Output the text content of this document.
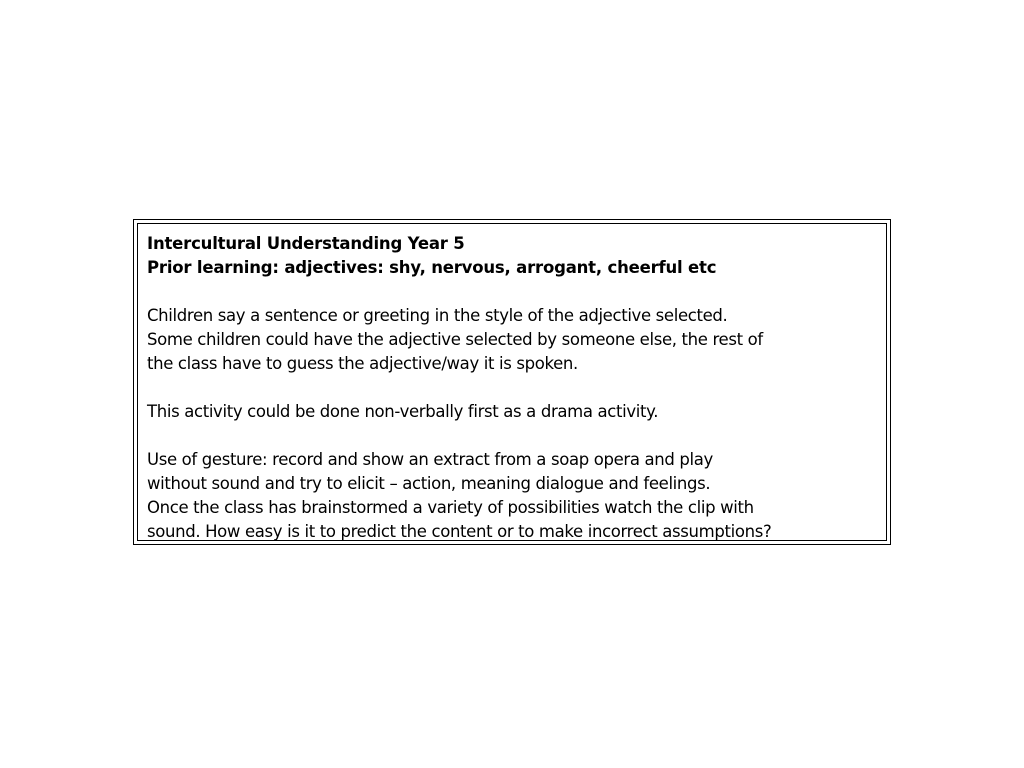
Intercultural Understanding Year 5
Prior learning: adjectives: shy, nervous, arrogant, cheerful etc
Children say a sentence or greeting in the style of the adjective selected.
Some children could have the adjective selected by someone else, the rest of
the class have to guess the adjective/way it is spoken.
This activity could be done non-verbally first as a drama activity.
Use of gesture: record and show an extract from a soap opera and play
without sound and try to elicit – action, meaning dialogue and feelings.
Once the class has brainstormed a variety of possibilities watch the clip with
sound. How easy is it to predict the content or to make incorrect assumptions?
